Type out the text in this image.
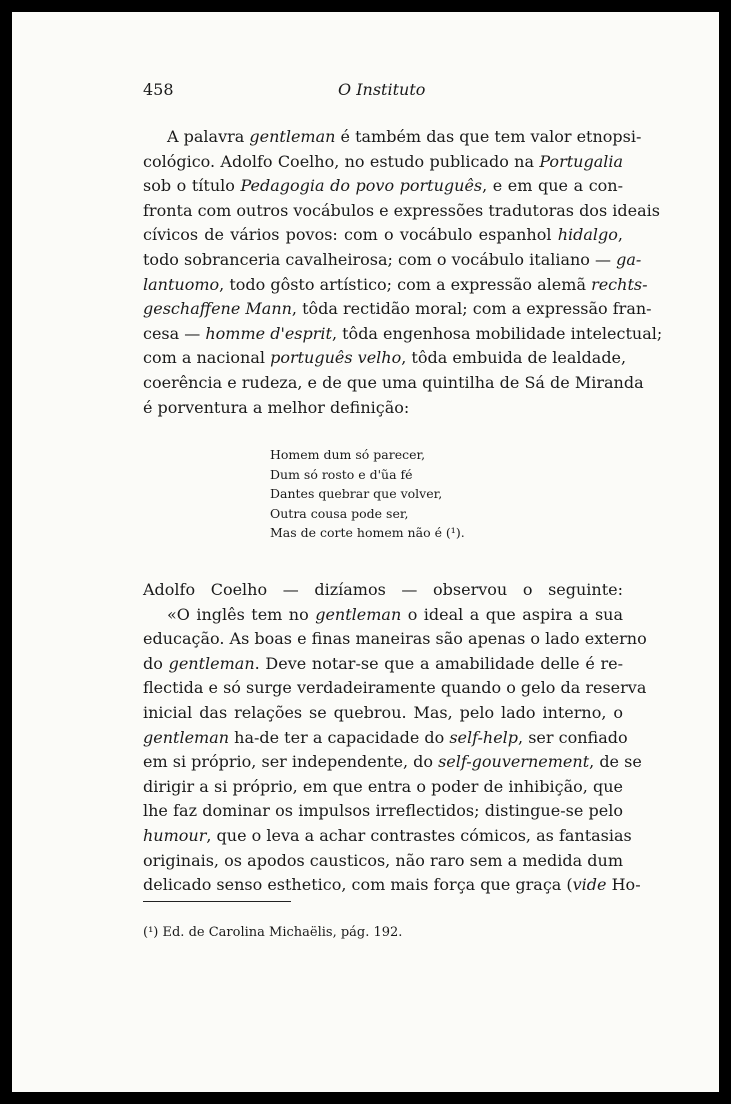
458	O Instituto
A palavra gentleman é também das que tem valor etnopsi-
cológico. Adolfo Coelho, no estudo publicado na Portugalia
sob o título Pedagogia do povo português, e em que a con-
fronta com outros vocábulos e expressões tradutoras dos ideais
cívicos de vários povos: com o vocábulo espanhol hidalgo,
todo sobranceria cavalheirosa; com o vocábulo italiano — ga-
lantuomo, todo gôsto artístico; com a expressão alemã rechts-
geschaffene Mann, tôda rectidão moral; com a expressão fran-
cesa — homme d'esprit, tôda engenhosa mobilidade intelectual;
com a nacional português velho, tôda embuida de lealdade,
coerência e rudeza, e de que uma quintilha de Sá de Miranda
é porventura a melhor definição:
Homem dum só parecer,
Dum só rosto e d'ũa fé
Dantes quebrar que volver,
Outra cousa pode ser,
Mas de corte homem não é (¹).
Adolfo Coelho — dizíamos — observou o seguinte:
«O inglês tem no gentleman o ideal a que aspira a sua
educação. As boas e finas maneiras são apenas o lado externo
do gentleman. Deve notar-se que a amabilidade delle é re-
flectida e só surge verdadeiramente quando o gelo da reserva
inicial das relações se quebrou. Mas, pelo lado interno, o
gentleman ha-de ter a capacidade do self-help, ser confiado
em si próprio, ser independente, do self-gouvernement, de se
dirigir a si próprio, em que entra o poder de inhibição, que
lhe faz dominar os impulsos irreflectidos; distingue-se pelo
humour, que o leva a achar contrastes cómicos, as fantasias
originais, os apodos causticos, não raro sem a medida dum
delicado senso esthetico, com mais força que graça (vide Ho-
(¹) Ed. de Carolina Michaëlis, pág. 192.
